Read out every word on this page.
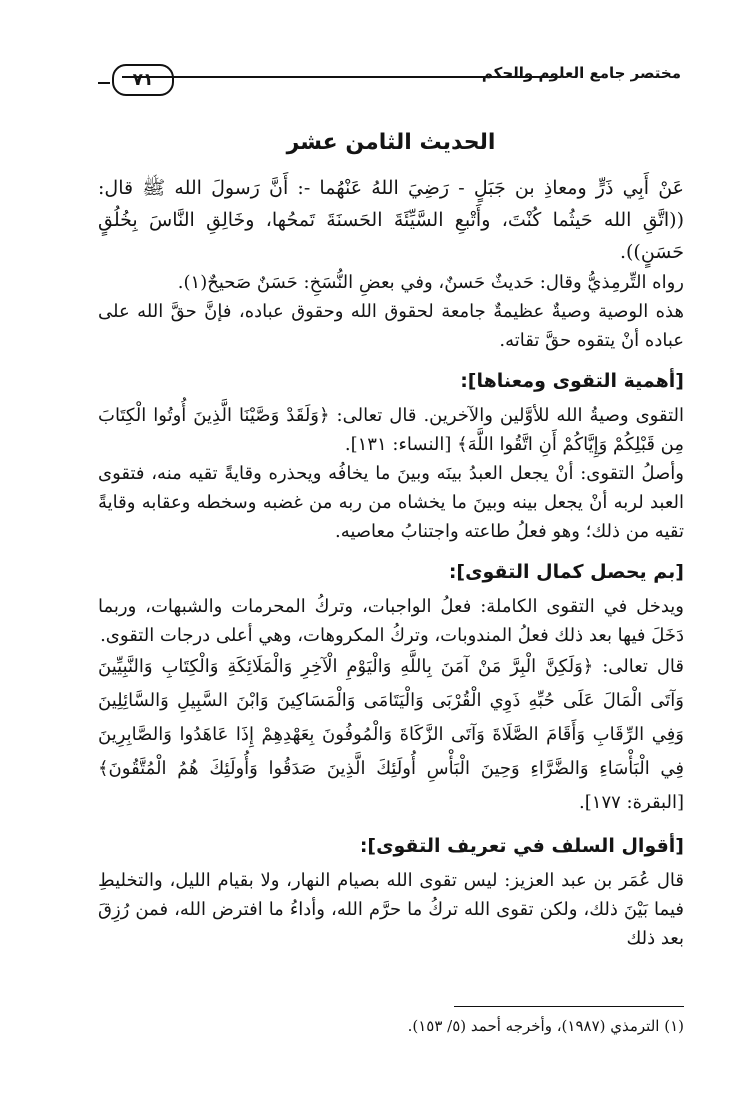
مختصر جامع العلوم والحكم
٧١
الحديث الثامن عشر

عَنْ أَبِي ذَرٍّ ومعاذِ بن جَبَلٍ - رَضِيَ اللهُ عَنْهُما -: أَنَّ رَسولَ الله ﷺ قال: ((اتَّقِ الله حَيثُما كُنْتَ، وأَتْبعِ السَّيِّئَةَ الحَسنَةَ تَمحُها، وخَالِقِ النَّاسَ بِخُلُقٍ حَسَنٍ)).

رواه التِّرمِذيُّ وقال: حَديثٌ حَسنٌ، وفي بعضِ النُّسَخِ: حَسَنٌ صَحيحٌ(١).

هذه الوصية وصيةٌ عظيمةٌ جامعة لحقوق الله وحقوق عباده، فإنَّ حقَّ الله على عباده أنْ يتقوه حقَّ تقاته.

[أهمية التقوى ومعناها]:

التقوى وصيةُ الله للأوَّلين والآخرين. قال تعالى: ﴿وَلَقَدْ وَصَّيْنَا الَّذِينَ أُوتُوا الْكِتَابَ مِن قَبْلِكُمْ وَإِيَّاكُمْ أَنِ اتَّقُوا اللَّهَ﴾ [النساء: ١٣١].

وأصلُ التقوى: أنْ يجعل العبدُ بينَه وبينَ ما يخافُه ويحذره وقايةً تقيه منه، فتقوى العبد لربه أنْ يجعل بينه وبينَ ما يخشاه من ربه من غضبه وسخطه وعقابه وقايةً تقيه من ذلك؛ وهو فعلُ طاعته واجتنابُ معاصيه.

[بم يحصل كمال التقوى]:

ويدخل في التقوى الكاملة: فعلُ الواجبات، وتركُ المحرمات والشبهات، وربما دَخَلَ فيها بعد ذلك فعلُ المندوبات، وتركُ المكروهات، وهي أعلى درجات التقوى.

قال تعالى: ﴿وَلَكِنَّ الْبِرَّ مَنْ آمَنَ بِاللَّهِ وَالْيَوْمِ الْآخِرِ وَالْمَلَائِكَةِ وَالْكِتَابِ وَالنَّبِيِّينَ وَآتَى الْمَالَ عَلَى حُبِّهِ ذَوِي الْقُرْبَى وَالْيَتَامَى وَالْمَسَاكِينَ وَابْنَ السَّبِيلِ وَالسَّائِلِينَ وَفِي الرِّقَابِ وَأَقَامَ الصَّلَاةَ وَآتَى الزَّكَاةَ وَالْمُوفُونَ بِعَهْدِهِمْ إِذَا عَاهَدُوا وَالصَّابِرِينَ فِي الْبَأْسَاءِ وَالضَّرَّاءِ وَحِينَ الْبَأْسِ أُولَئِكَ الَّذِينَ صَدَقُوا وَأُولَئِكَ هُمُ الْمُتَّقُونَ﴾ [البقرة: ١٧٧].

[أقوال السلف في تعريف التقوى]:

قال عُمَر بن عبد العزيز: ليس تقوى الله بصيام النهار، ولا بقيام الليل، والتخليطِ فيما بَيْنَ ذلك، ولكن تقوى الله تركُ ما حرَّم الله، وأداءُ ما افترض الله، فمن رُزِقَ بعد ذلك

(١) الترمذي (١٩٨٧)، وأخرجه أحمد (٥/ ١٥٣).
